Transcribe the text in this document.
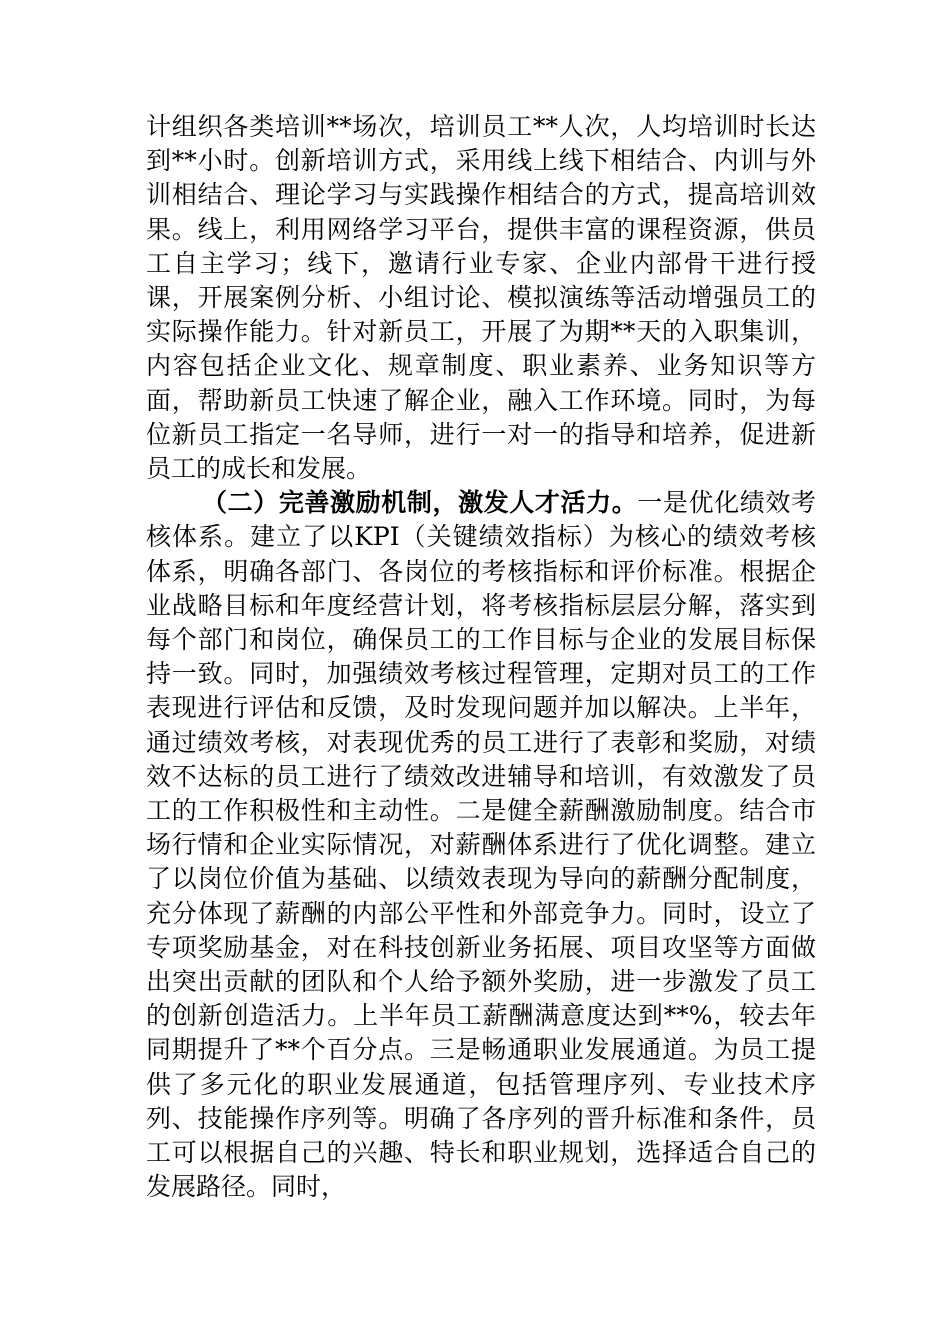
计组织各类培训**场次，培训员工**人次，人均培训时长达到**小时。创新培训方式，采用线上线下相结合、内训与外训相结合、理论学习与实践操作相结合的方式，提高培训效果。线上，利用网络学习平台，提供丰富的课程资源，供员工自主学习；线下，邀请行业专家、企业内部骨干进行授课，开展案例分析、小组讨论、模拟演练等活动增强员工的实际操作能力。针对新员工，开展了为期**天的入职集训，内容包括企业文化、规章制度、职业素养、业务知识等方面，帮助新员工快速了解企业，融入工作环境。同时，为每位新员工指定一名导师，进行一对一的指导和培养，促进新员工的成长和发展。

（二）完善激励机制，激发人才活力。一是优化绩效考核体系。建立了以KPI（关键绩效指标）为核心的绩效考核体系，明确各部门、各岗位的考核指标和评价标准。根据企业战略目标和年度经营计划，将考核指标层层分解，落实到每个部门和岗位，确保员工的工作目标与企业的发展目标保持一致。同时，加强绩效考核过程管理，定期对员工的工作表现进行评估和反馈，及时发现问题并加以解决。上半年，通过绩效考核，对表现优秀的员工进行了表彰和奖励，对绩效不达标的员工进行了绩效改进辅导和培训，有效激发了员工的工作积极性和主动性。二是健全薪酬激励制度。结合市场行情和企业实际情况，对薪酬体系进行了优化调整。建立了以岗位价值为基础、以绩效表现为导向的薪酬分配制度，充分体现了薪酬的内部公平性和外部竞争力。同时，设立了专项奖励基金，对在科技创新业务拓展、项目攻坚等方面做出突出贡献的团队和个人给予额外奖励，进一步激发了员工的创新创造活力。上半年员工薪酬满意度达到**%，较去年同期提升了**个百分点。三是畅通职业发展通道。为员工提供了多元化的职业发展通道，包括管理序列、专业技术序列、技能操作序列等。明确了各序列的晋升标准和条件，员工可以根据自己的兴趣、特长和职业规划，选择适合自己的发展路径。同时，
